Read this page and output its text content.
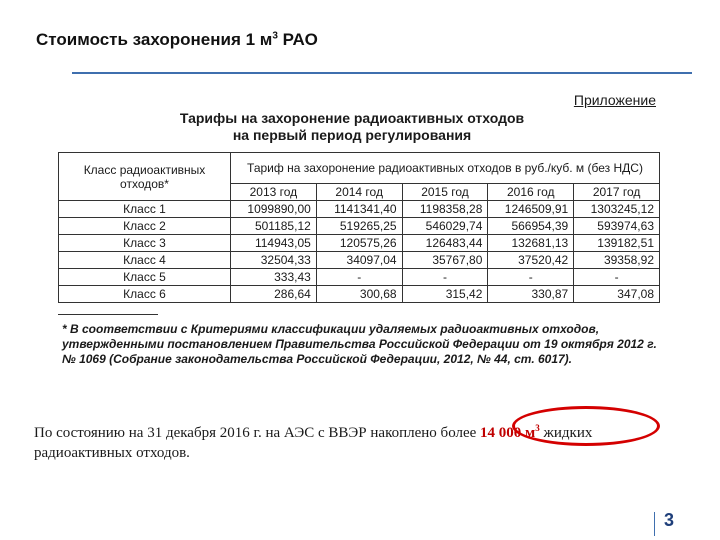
Стоимость захоронения 1 $м^3$ РАО
Приложение
Тарифы на захоронение радиоактивных отходов
на первый период регулирования
Класс радиоактивных отходов*	Тариф на захоронение радиоактивных отходов в руб./куб. м (без НДС)				
	2013 год	2014 год	2015 год	2016 год	2017 год
Класс 1	1099890,00	1141341,40	1198358,28	1246509,91	1303245,12
Класс 2	501185,12	519265,25	546029,74	566954,39	593974,63
Класс 3	114943,05	120575,26	126483,44	132681,13	139182,51
Класс 4	32504,33	34097,04	35767,80	37520,42	39358,92
Класс 5	333,43	-	-	-	-
Класс 6	286,64	300,68	315,42	330,87	347,08
* В соответствии с Критериями классификации удаляемых радиоактивных отходов, утвержденными постановлением Правительства Российской Федерации от 19 октября 2012 г. № 1069 (Собрание законодательства Российской Федерации, 2012, № 44, ст. 6017).
По состоянию на 31 декабря 2016 г. на АЭС с ВВЭР накоплено более 14 000 $м^3$ жидких радиоактивных отходов.
3
